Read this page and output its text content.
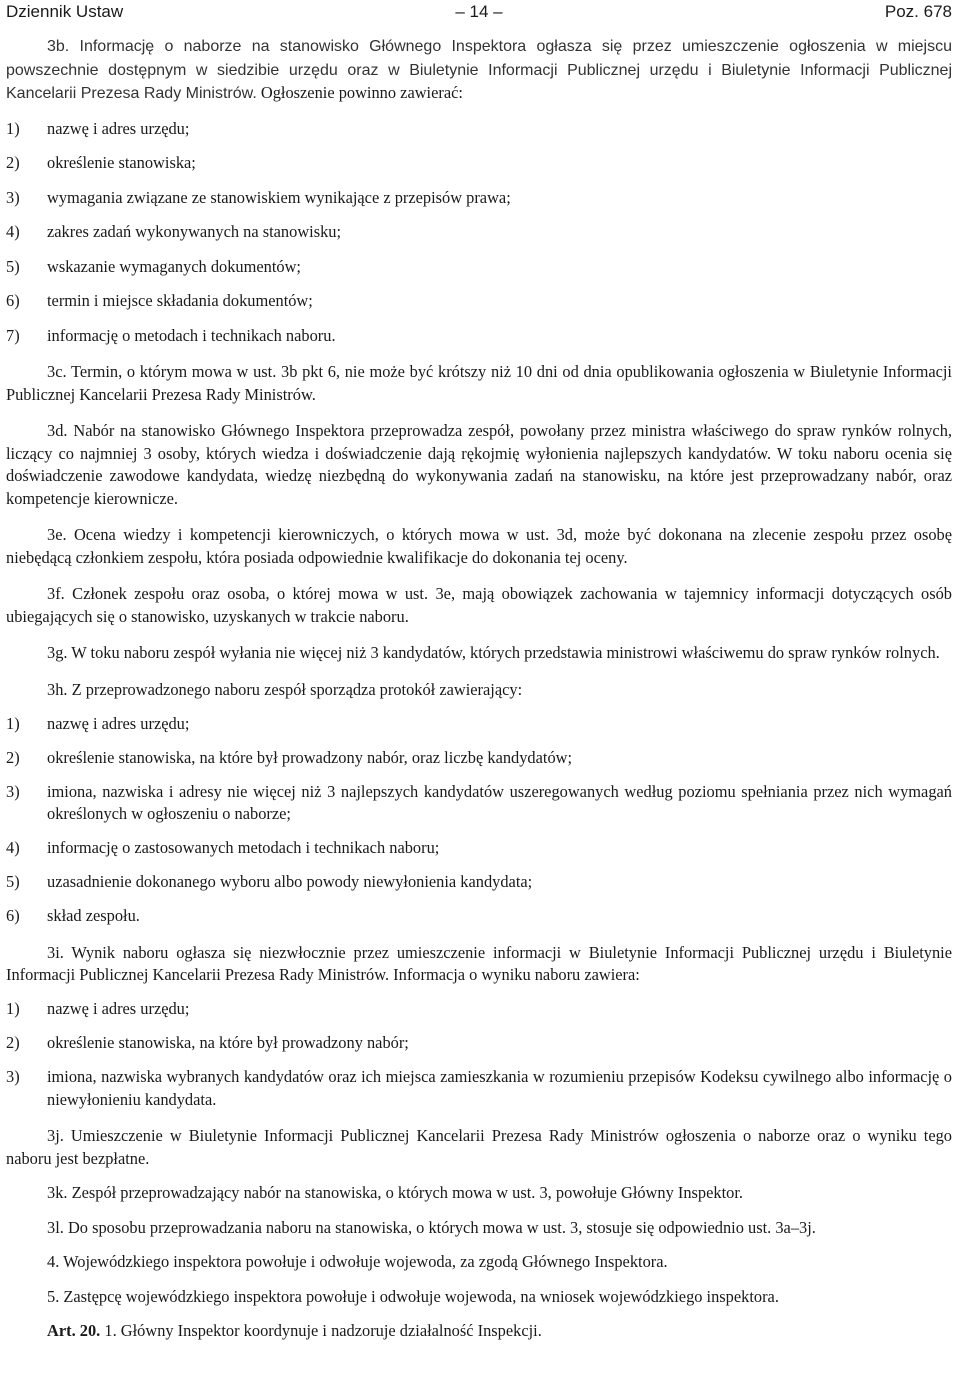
Dziennik Ustaw	– 14 –	Poz. 678

3b. Informację o naborze na stanowisko Głównego Inspektora ogłasza się przez umieszczenie ogłoszenia w miejscu powszechnie dostępnym w siedzibie urzędu oraz w Biuletynie Informacji Publicznej urzędu i Biuletynie Informacji Publicznej Kancelarii Prezesa Rady Ministrów. Ogłoszenie powinno zawierać:

1) nazwę i adres urzędu;
2) określenie stanowiska;
3) wymagania związane ze stanowiskiem wynikające z przepisów prawa;
4) zakres zadań wykonywanych na stanowisku;
5) wskazanie wymaganych dokumentów;
6) termin i miejsce składania dokumentów;
7) informację o metodach i technikach naboru.

3c. Termin, o którym mowa w ust. 3b pkt 6, nie może być krótszy niż 10 dni od dnia opublikowania ogłoszenia w Biuletynie Informacji Publicznej Kancelarii Prezesa Rady Ministrów.

3d. Nabór na stanowisko Głównego Inspektora przeprowadza zespół, powołany przez ministra właściwego do spraw rynków rolnych, liczący co najmniej 3 osoby, których wiedza i doświadczenie dają rękojmię wyłonienia najlepszych kandydatów. W toku naboru ocenia się doświadczenie zawodowe kandydata, wiedzę niezbędną do wykonywania zadań na stanowisku, na które jest przeprowadzany nabór, oraz kompetencje kierownicze.

3e. Ocena wiedzy i kompetencji kierowniczych, o których mowa w ust. 3d, może być dokonana na zlecenie zespołu przez osobę niebędącą członkiem zespołu, która posiada odpowiednie kwalifikacje do dokonania tej oceny.

3f. Członek zespołu oraz osoba, o której mowa w ust. 3e, mają obowiązek zachowania w tajemnicy informacji dotyczących osób ubiegających się o stanowisko, uzyskanych w trakcie naboru.

3g. W toku naboru zespół wyłania nie więcej niż 3 kandydatów, których przedstawia ministrowi właściwemu do spraw rynków rolnych.

3h. Z przeprowadzonego naboru zespół sporządza protokół zawierający:

1) nazwę i adres urzędu;
2) określenie stanowiska, na które był prowadzony nabór, oraz liczbę kandydatów;
3) imiona, nazwiska i adresy nie więcej niż 3 najlepszych kandydatów uszeregowanych według poziomu spełniania przez nich wymagań określonych w ogłoszeniu o naborze;
4) informację o zastosowanych metodach i technikach naboru;
5) uzasadnienie dokonanego wyboru albo powody niewyłonienia kandydata;
6) skład zespołu.

3i. Wynik naboru ogłasza się niezwłocznie przez umieszczenie informacji w Biuletynie Informacji Publicznej urzędu i Biuletynie Informacji Publicznej Kancelarii Prezesa Rady Ministrów. Informacja o wyniku naboru zawiera:

1) nazwę i adres urzędu;
2) określenie stanowiska, na które był prowadzony nabór;
3) imiona, nazwiska wybranych kandydatów oraz ich miejsca zamieszkania w rozumieniu przepisów Kodeksu cywilnego albo informację o niewyłonieniu kandydata.

3j. Umieszczenie w Biuletynie Informacji Publicznej Kancelarii Prezesa Rady Ministrów ogłoszenia o naborze oraz o wyniku tego naboru jest bezpłatne.

3k. Zespół przeprowadzający nabór na stanowiska, o których mowa w ust. 3, powołuje Główny Inspektor.

3l. Do sposobu przeprowadzania naboru na stanowiska, o których mowa w ust. 3, stosuje się odpowiednio ust. 3a–3j.

4. Wojewódzkiego inspektora powołuje i odwołuje wojewoda, za zgodą Głównego Inspektora.

5. Zastępcę wojewódzkiego inspektora powołuje i odwołuje wojewoda, na wniosek wojewódzkiego inspektora.

Art. 20. 1. Główny Inspektor koordynuje i nadzoruje działalność Inspekcji.
